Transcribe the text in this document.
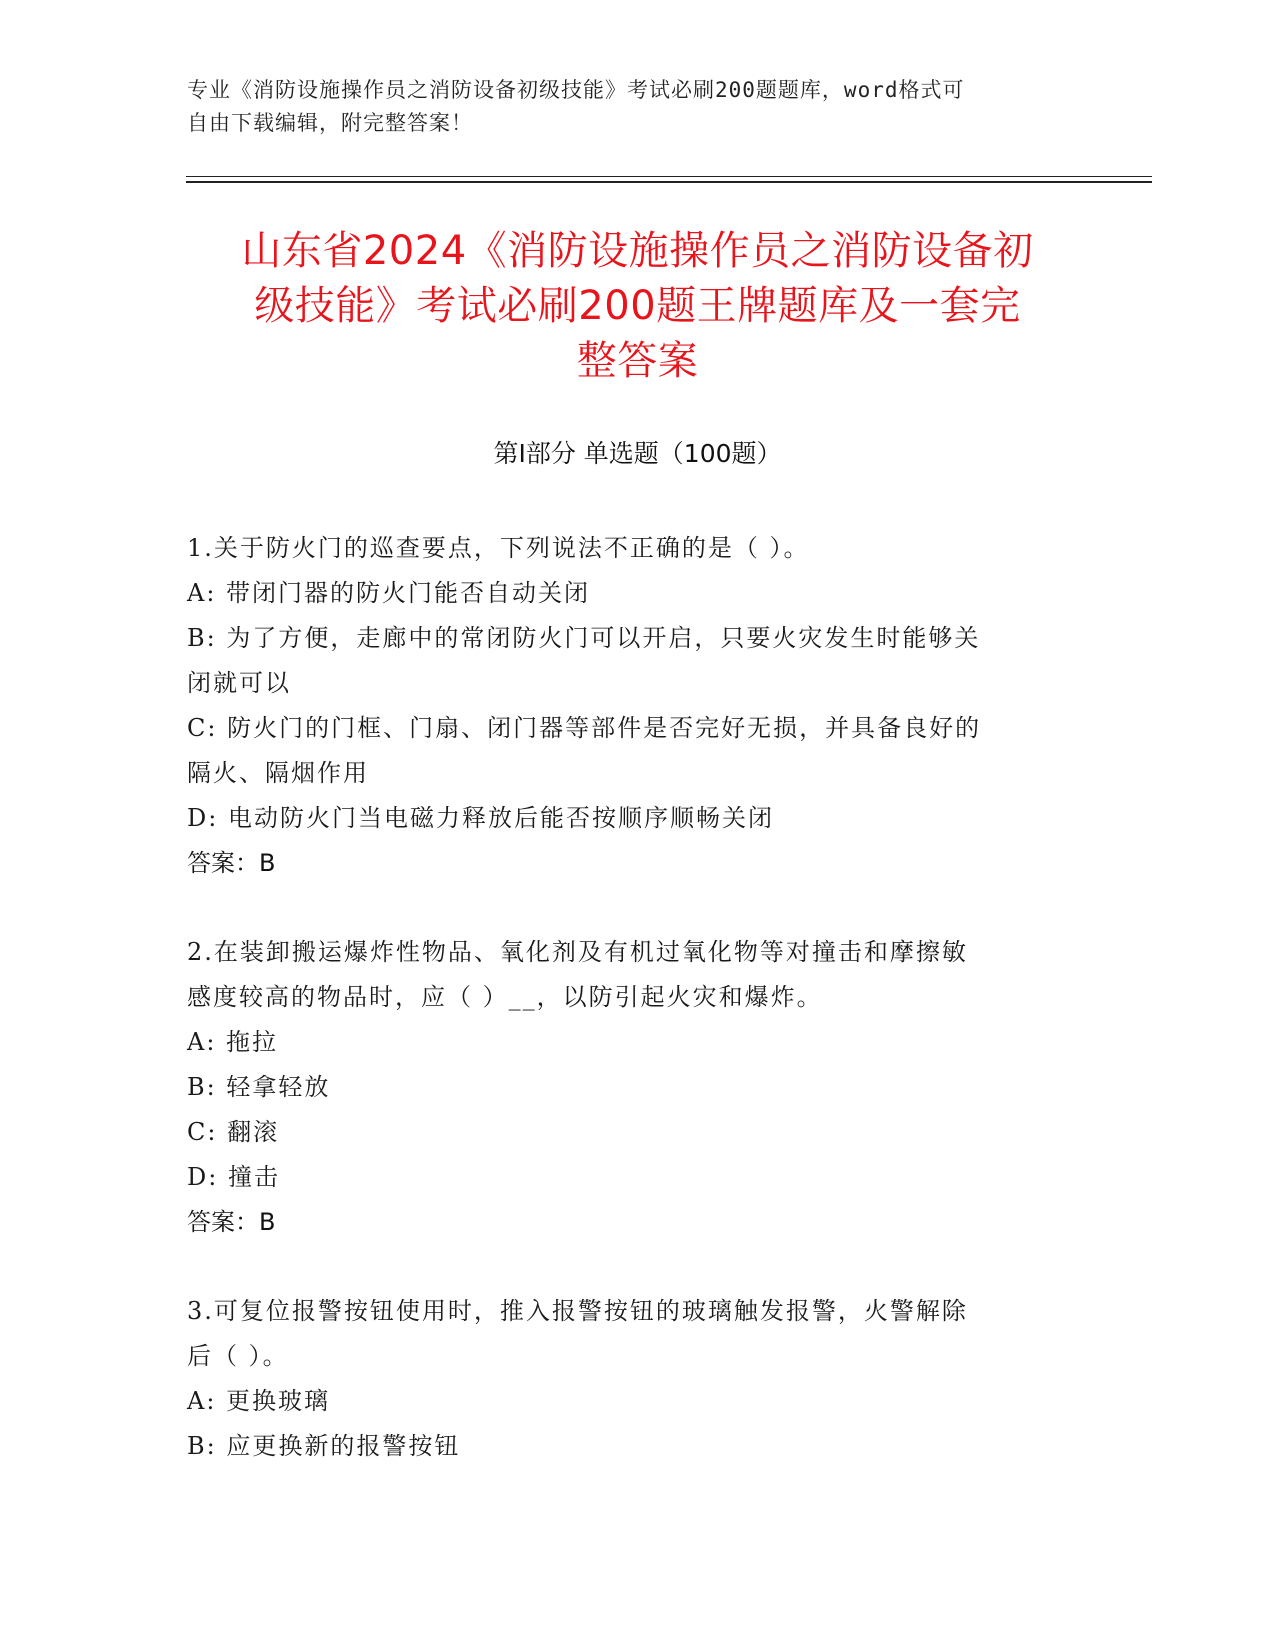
专业《消防设施操作员之消防设备初级技能》考试必刷200题题库，word格式可
自由下载编辑，附完整答案！
山东省2024《消防设施操作员之消防设备初
级技能》考试必刷200题王牌题库及一套完
整答案
第Ⅰ部分 单选题（100题）

1.关于防火门的巡查要点，下列说法不正确的是（ ）。

A: 带闭门器的防火门能否自动关闭

B: 为了方便，走廊中的常闭防火门可以开启，只要火灾发生时能够关

闭就可以

C: 防火门的门框、门扇、闭门器等部件是否完好无损，并具备良好的

隔火、隔烟作用

D: 电动防火门当电磁力释放后能否按顺序顺畅关闭

答案：B

2.在装卸搬运爆炸性物品、氧化剂及有机过氧化物等对撞击和摩擦敏

感度较高的物品时，应（ ）__，以防引起火灾和爆炸。

A: 拖拉

B: 轻拿轻放

C: 翻滚

D: 撞击

答案：B

3.可复位报警按钮使用时，推入报警按钮的玻璃触发报警，火警解除

后（ ）。

A: 更换玻璃

B: 应更换新的报警按钮
